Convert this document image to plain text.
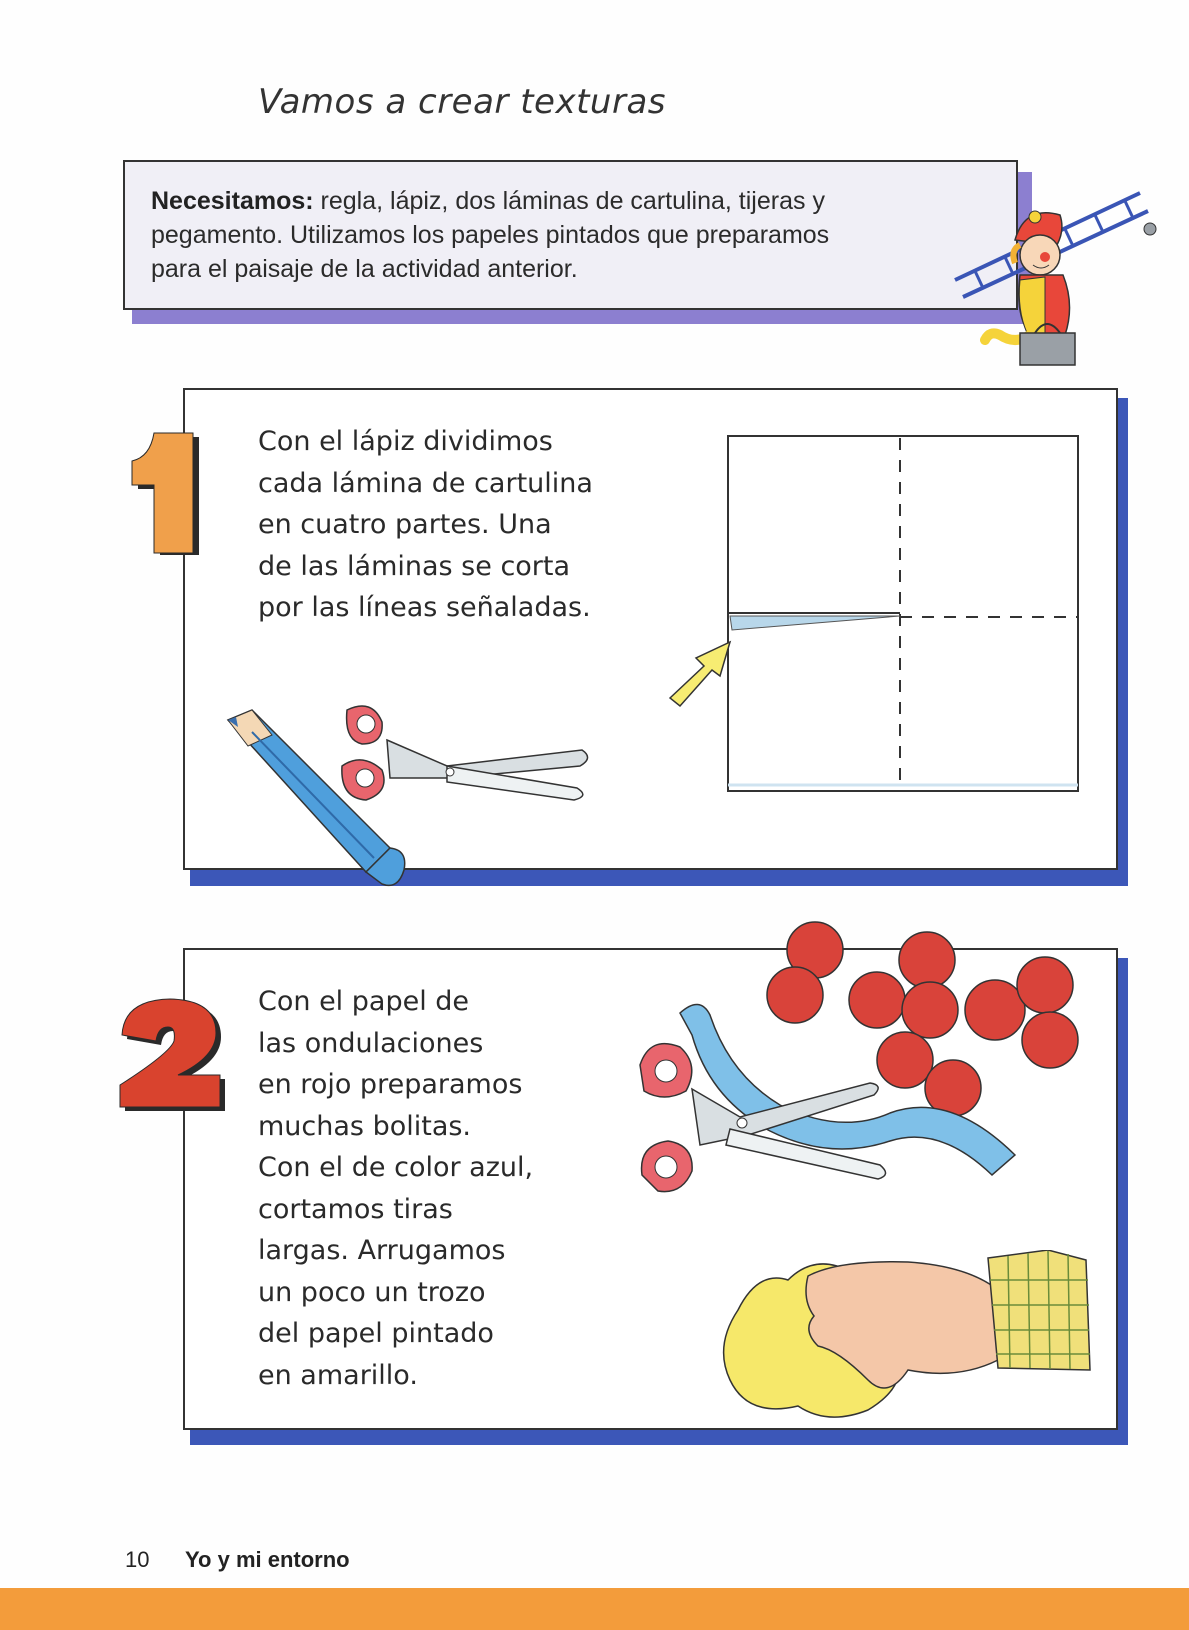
Vamos a crear texturas
Necesitamos: regla, lápiz, dos láminas de cartulina, tijeras y
pegamento. Utilizamos los papeles pintados que preparamos
para el paisaje de la actividad anterior.
Con el lápiz dividimos
cada lámina de cartulina
en cuatro partes. Una
de las láminas se corta
por las líneas señaladas.
Con el papel de
las ondulaciones
en rojo preparamos
muchas bolitas.
Con el de color azul,
cortamos tiras
largas. Arrugamos
un poco un trozo
del papel pintado
en amarillo.
10 Yo y mi entorno
